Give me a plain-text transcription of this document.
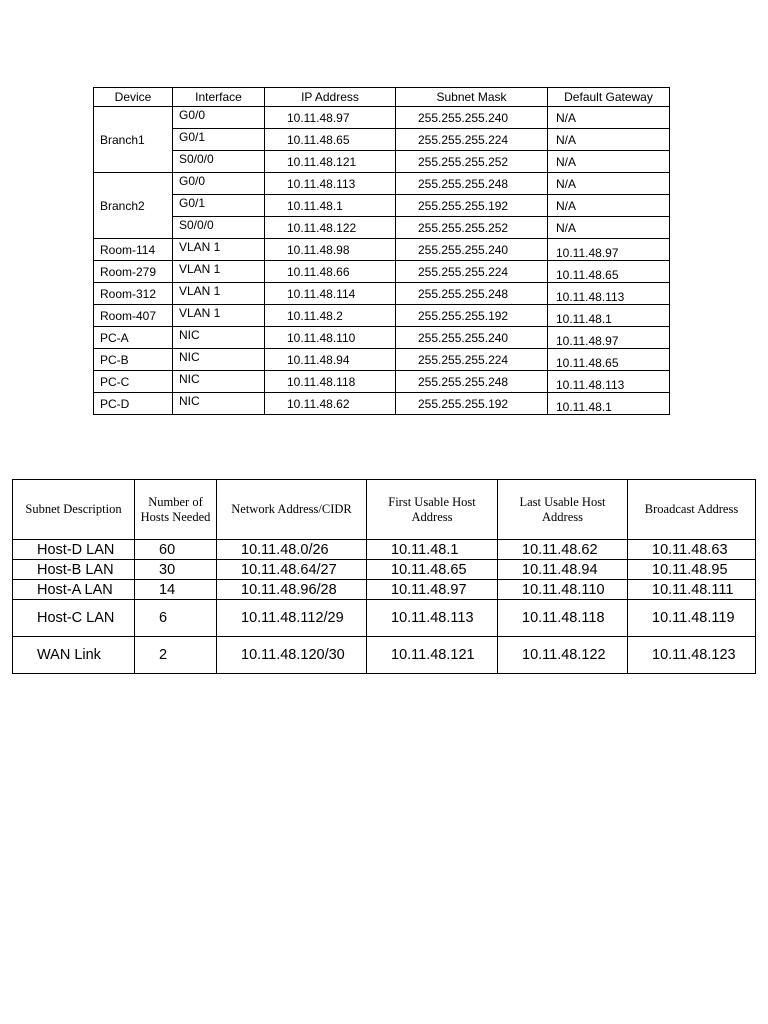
Device	Interface	IP Address	Subnet Mask	Default Gateway
Branch1	G0/0	10.11.48.97	255.255.255.240	N/A
	G0/1	10.11.48.65	255.255.255.224	N/A
	S0/0/0	10.11.48.121	255.255.255.252	N/A
Branch2	G0/0	10.11.48.113	255.255.255.248	N/A
	G0/1	10.11.48.1	255.255.255.192	N/A
	S0/0/0	10.11.48.122	255.255.255.252	N/A
Room-114	VLAN 1	10.11.48.98	255.255.255.240	10.11.48.97
Room-279	VLAN 1	10.11.48.66	255.255.255.224	10.11.48.65
Room-312	VLAN 1	10.11.48.114	255.255.255.248	10.11.48.113
Room-407	VLAN 1	10.11.48.2	255.255.255.192	10.11.48.1
PC-A	NIC	10.11.48.110	255.255.255.240	10.11.48.97
PC-B	NIC	10.11.48.94	255.255.255.224	10.11.48.65
PC-C	NIC	10.11.48.118	255.255.255.248	10.11.48.113
PC-D	NIC	10.11.48.62	255.255.255.192	10.11.48.1
Subnet Description	Number of Hosts Needed	Network Address/CIDR	First Usable Host Address	Last Usable Host Address	Broadcast Address
Host-D LAN	60	10.11.48.0/26	10.11.48.1	10.11.48.62	10.11.48.63
Host-B LAN	30	10.11.48.64/27	10.11.48.65	10.11.48.94	10.11.48.95
Host-A LAN	14	10.11.48.96/28	10.11.48.97	10.11.48.110	10.11.48.111
Host-C LAN	6	10.11.48.112/29	10.11.48.113	10.11.48.118	10.11.48.119
WAN Link	2	10.11.48.120/30	10.11.48.121	10.11.48.122	10.11.48.123
